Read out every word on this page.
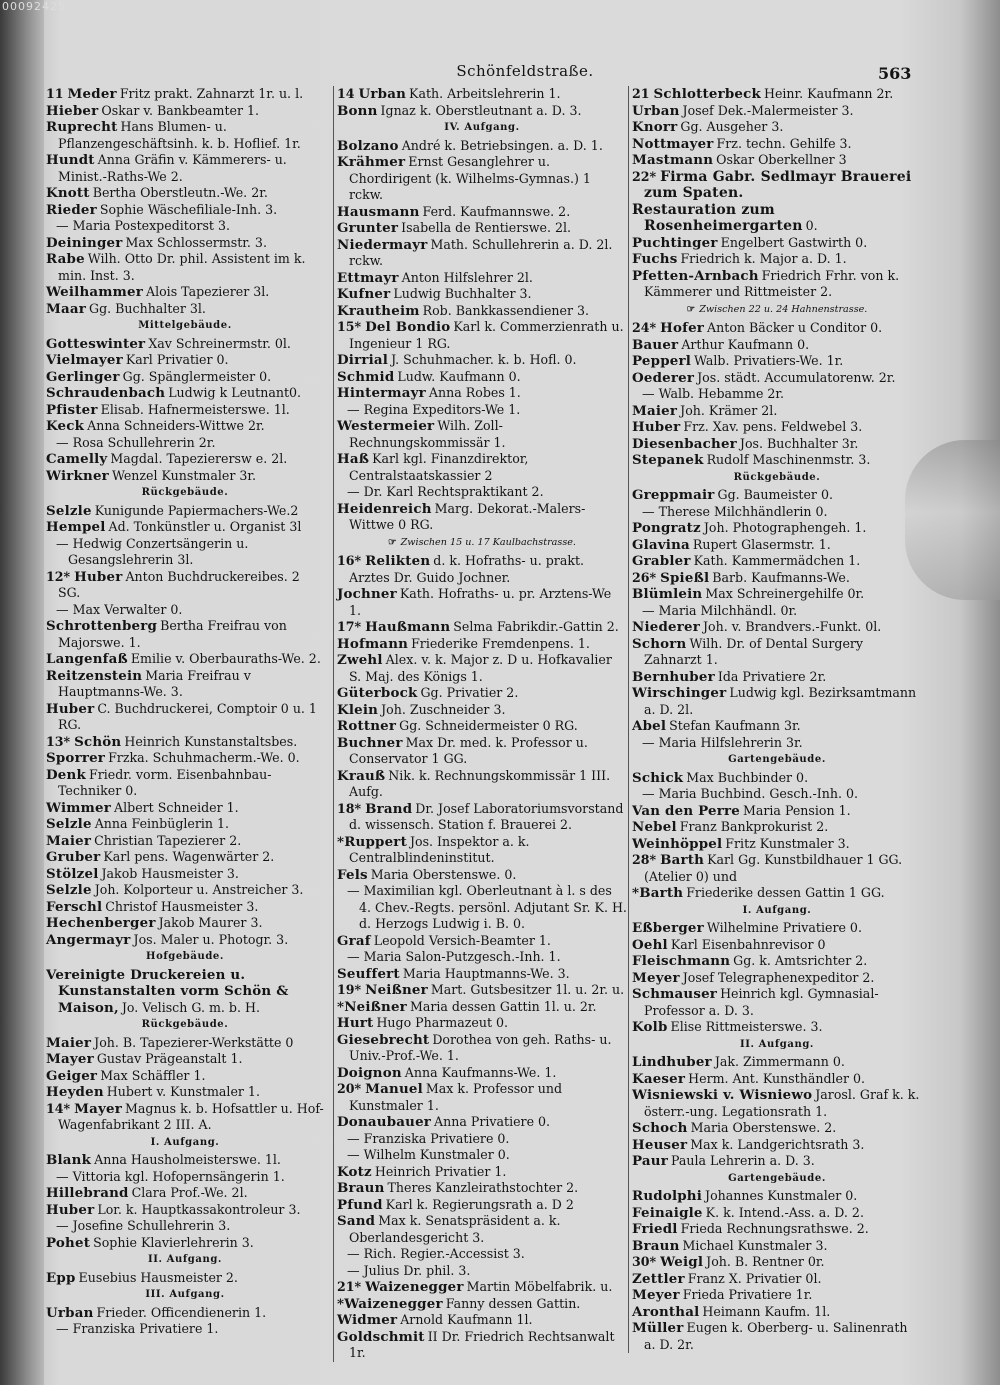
00092425
Schönfeldstraße.	563
11 Meder Fritz prakt. Zahnarzt 1r. u. l.
Hieber Oskar v. Bankbeamter 1.
Ruprecht Hans Blumen- u. Pflanzengeschäftsinh. k. b. Hoflief. 1r.
Hundt Anna Gräfin v. Kämmerers- u. Minist.-Raths-We 2.
Knott Bertha Oberstleutn.-We. 2r.
Rieder Sophie Wäschefiliale-Inh. 3.
— Maria Postexpeditorst 3.
Deininger Max Schlossermstr. 3.
Rabe Wilh. Otto Dr. phil. Assistent im k. min. Inst. 3.
Weilhammer Alois Tapezierer 3l.
Maar Gg. Buchhalter 3l.
Mittelgebäude.
Gotteswinter Xav Schreinermstr. 0l.
Vielmayer Karl Privatier 0.
Gerlinger Gg. Spänglermeister 0.
Schraudenbach Ludwig k Leutnant0.
Pfister Elisab. Hafnermeisterswe. 1l.
Keck Anna Schneiders-Wittwe 2r.
— Rosa Schullehrerin 2r.
Camelly Magdal. Tapezierersw e. 2l.
Wirkner Wenzel Kunstmaler 3r.
Rückgebäude.
Selzle Kunigunde Papiermachers-We.2
Hempel Ad. Tonkünstler u. Organist 3l
— Hedwig Conzertsängerin u. Gesangslehrerin 3l.
12* Huber Anton Buchdruckereibes. 2 SG.
— Max Verwalter 0.
Schrottenberg Bertha Freifrau von Majorswe. 1.
Langenfaß Emilie v. Oberbauraths-We. 2.
Reitzenstein Maria Freifrau v Hauptmanns-We. 3.
Huber C. Buchdruckerei, Comptoir 0 u. 1 RG.
13* Schön Heinrich Kunstanstaltsbes.
Sporrer Frzka. Schuhmacherm.-We. 0.
Denk Friedr. vorm. Eisenbahnbau-Techniker 0.
Wimmer Albert Schneider 1.
Selzle Anna Feinbüglerin 1.
Maier Christian Tapezierer 2.
Gruber Karl pens. Wagenwärter 2.
Stölzel Jakob Hausmeister 3.
Selzle Joh. Kolporteur u. Anstreicher 3.
Ferschl Christof Hausmeister 3.
Hechenberger Jakob Maurer 3.
Angermayr Jos. Maler u. Photogr. 3.
Hofgebäude.
Vereinigte Druckereien u. Kunstanstalten vorm Schön & Maison, Jo. Velisch G. m. b. H.
Rückgebäude.
Maier Joh. B. Tapezierer-Werkstätte 0
Mayer Gustav Prägeanstalt 1.
Geiger Max Schäffler 1.
Heyden Hubert v. Kunstmaler 1.
14* Mayer Magnus k. b. Hofsattler u. Hof-Wagenfabrikant 2 III. A.
I. Aufgang.
Blank Anna Hausholmeisterswe. 1l.
— Vittoria kgl. Hofopernsängerin 1.
Hillebrand Clara Prof.-We. 2l.
Huber Lor. k. Hauptkassakontroleur 3.
— Josefine Schullehrerin 3.
Pohet Sophie Klavierlehrerin 3.
II. Aufgang.
Epp Eusebius Hausmeister 2.
III. Aufgang.
Urban Frieder. Officendienerin 1.
— Franziska Privatiere 1.
14 Urban Kath. Arbeitslehrerin 1.
Bonn Ignaz k. Oberstleutnant a. D. 3.
IV. Aufgang.
Bolzano André k. Betriebsingen. a. D. 1.
Krähmer Ernst Gesanglehrer u. Chordirigent (k. Wilhelms-Gymnas.) 1 rckw.
Hausmann Ferd. Kaufmannswe. 2.
Grunter Isabella de Rentierswe. 2l.
Niedermayr Math. Schullehrerin a. D. 2l. rckw.
Ettmayr Anton Hilfslehrer 2l.
Kufner Ludwig Buchhalter 3.
Krautheim Rob. Bankkassendiener 3.
15* Del Bondio Karl k. Commerzienrath u. Ingenieur 1 RG.
Dirrial J. Schuhmacher. k. b. Hofl. 0.
Schmid Ludw. Kaufmann 0.
Hintermayr Anna Robes 1.
— Regina Expeditors-We 1.
Westermeier Wilh. Zoll-Rechnungskommissär 1.
Haß Karl kgl. Finanzdirektor, Centralstaatskassier 2
— Dr. Karl Rechtspraktikant 2.
Heidenreich Marg. Dekorat.-Malers-Wittwe 0 RG.
☞ Zwischen 15 u. 17 Kaulbachstrasse.
16* Relikten d. k. Hofraths- u. prakt. Arztes Dr. Guido Jochner.
Jochner Kath. Hofraths- u. pr. Arztens-We 1.
17* Haußmann Selma Fabrikdir.-Gattin 2.
Hofmann Friederike Fremdenpens. 1.
Zwehl Alex. v. k. Major z. D u. Hofkavalier S. Maj. des Königs 1.
Güterbock Gg. Privatier 2.
Klein Joh. Zuschneider 3.
Rottner Gg. Schneidermeister 0 RG.
Buchner Max Dr. med. k. Professor u. Conservator 1 GG.
Krauß Nik. k. Rechnungskommissär 1 III. Aufg.
18* Brand Dr. Josef Laboratoriumsvorstand d. wissensch. Station f. Brauerei 2.
*Ruppert Jos. Inspektor a. k. Centralblindeninstitut.
Fels Maria Oberstenswe. 0.
— Maximilian kgl. Oberleutnant à l. s des 4. Chev.-Regts. persönl. Adjutant Sr. K. H. d. Herzogs Ludwig i. B. 0.
Graf Leopold Versich-Beamter 1.
— Maria Salon-Putzgesch.-Inh. 1.
Seuffert Maria Hauptmanns-We. 3.
19* Neißner Mart. Gutsbesitzer 1l. u. 2r. u.
*Neißner Maria dessen Gattin 1l. u. 2r.
Hurt Hugo Pharmazeut 0.
Giesebrecht Dorothea von geh. Raths- u. Univ.-Prof.-We. 1.
Doignon Anna Kaufmanns-We. 1.
20* Manuel Max k. Professor und Kunstmaler 1.
Donaubauer Anna Privatiere 0.
— Franziska Privatiere 0.
— Wilhelm Kunstmaler 0.
Kotz Heinrich Privatier 1.
Braun Theres Kanzleirathstochter 2.
Pfund Karl k. Regierungsrath a. D 2
Sand Max k. Senatspräsident a. k. Oberlandesgericht 3.
— Rich. Regier.-Accessist 3.
— Julius Dr. phil. 3.
21* Waizenegger Martin Möbelfabrik. u.
*Waizenegger Fanny dessen Gattin.
Widmer Arnold Kaufmann 1l.
Goldschmit II Dr. Friedrich Rechtsanwalt 1r.
21 Schlotterbeck Heinr. Kaufmann 2r.
Urban Josef Dek.-Malermeister 3.
Knorr Gg. Ausgeher 3.
Nottmayer Frz. techn. Gehilfe 3.
Mastmann Oskar Oberkellner 3
22* Firma Gabr. Sedlmayr Brauerei zum Spaten.
Restauration zum Rosenheimergarten 0.
Puchtinger Engelbert Gastwirth 0.
Fuchs Friedrich k. Major a. D. 1.
Pfetten-Arnbach Friedrich Frhr. von k. Kämmerer und Rittmeister 2.
☞ Zwischen 22 u. 24 Hahnenstrasse.
24* Hofer Anton Bäcker u Conditor 0.
Bauer Arthur Kaufmann 0.
Pepperl Walb. Privatiers-We. 1r.
Oederer Jos. städt. Accumulatorenw. 2r.
— Walb. Hebamme 2r.
Maier Joh. Krämer 2l.
Huber Frz. Xav. pens. Feldwebel 3.
Diesenbacher Jos. Buchhalter 3r.
Stepanek Rudolf Maschinenmstr. 3.
Rückgebäude.
Greppmair Gg. Baumeister 0.
— Therese Milchhändlerin 0.
Pongratz Joh. Photographengeh. 1.
Glavina Rupert Glasermstr. 1.
Grabler Kath. Kammermädchen 1.
26* Spießl Barb. Kaufmanns-We.
Blümlein Max Schreinergehilfe 0r.
— Maria Milchhändl. 0r.
Niederer Joh. v. Brandvers.-Funkt. 0l.
Schorn Wilh. Dr. of Dental Surgery Zahnarzt 1.
Bernhuber Ida Privatiere 2r.
Wirschinger Ludwig kgl. Bezirksamtmann a. D. 2l.
Abel Stefan Kaufmann 3r.
— Maria Hilfslehrerin 3r.
Gartengebäude.
Schick Max Buchbinder 0.
— Maria Buchbind. Gesch.-Inh. 0.
Van den Perre Maria Pension 1.
Nebel Franz Bankprokurist 2.
Weinhöppel Fritz Kunstmaler 3.
28* Barth Karl Gg. Kunstbildhauer 1 GG. (Atelier 0) und
*Barth Friederike dessen Gattin 1 GG.
I. Aufgang.
Eßberger Wilhelmine Privatiere 0.
Oehl Karl Eisenbahnrevisor 0
Fleischmann Gg. k. Amtsrichter 2.
Meyer Josef Telegraphenexpeditor 2.
Schmauser Heinrich kgl. Gymnasial-Professor a. D. 3.
Kolb Elise Rittmeisterswe. 3.
II. Aufgang.
Lindhuber Jak. Zimmermann 0.
Kaeser Herm. Ant. Kunsthändler 0.
Wisniewski v. Wisniewo Jarosl. Graf k. k. österr.-ung. Legationsrath 1.
Schoch Maria Oberstenswe. 2.
Heuser Max k. Landgerichtsrath 3.
Paur Paula Lehrerin a. D. 3.
Gartengebäude.
Rudolphi Johannes Kunstmaler 0.
Feinaigle K. k. Intend.-Ass. a. D. 2.
Friedl Frieda Rechnungsrathswe. 2.
Braun Michael Kunstmaler 3.
30* Weigl Joh. B. Rentner 0r.
Zettler Franz X. Privatier 0l.
Meyer Frieda Privatiere 1r.
Aronthal Heimann Kaufm. 1l.
Müller Eugen k. Oberberg- u. Salinenrath a. D. 2r.
